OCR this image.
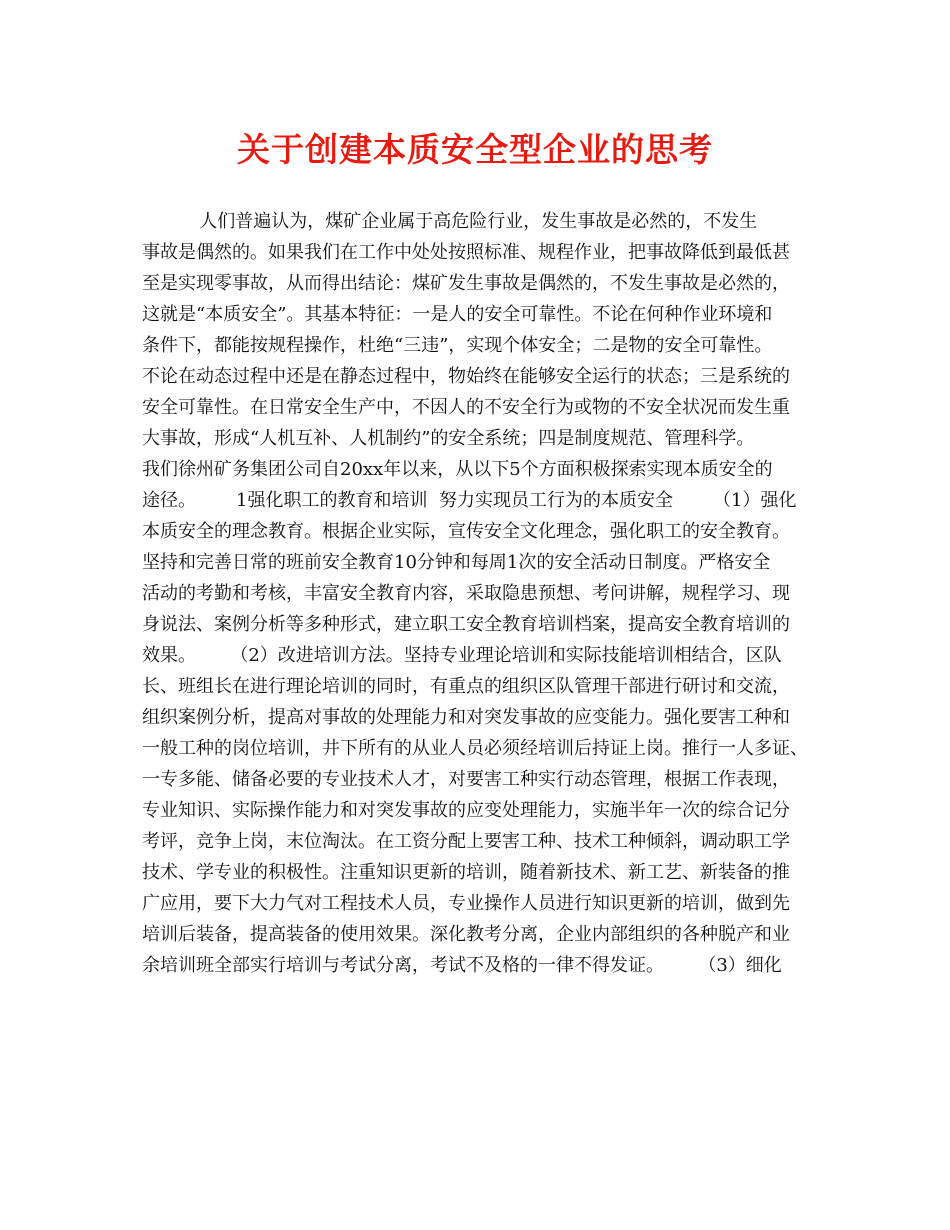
关于创建本质安全型企业的思考
人们普遍认为，煤矿企业属于高危险行业，发生事故是必然的，不发生
事故是偶然的。如果我们在工作中处处按照标准、规程作业，把事故降低到最低甚
至是实现零事故，从而得出结论：煤矿发生事故是偶然的，不发生事故是必然的，
这就是“本质安全”。其基本特征：一是人的安全可靠性。不论在何种作业环境和
条件下，都能按规程操作，杜绝“三违”，实现个体安全；二是物的安全可靠性。
不论在动态过程中还是在静态过程中，物始终在能够安全运行的状态；三是系统的
安全可靠性。在日常安全生产中，不因人的不安全行为或物的不安全状况而发生重
大事故，形成“人机互补、人机制约”的安全系统；四是制度规范、管理科学。
我们徐州矿务集团公司自20xx年以来，从以下5个方面积极探索实现本质安全的
途径。       1强化职工的教育和培训  努力实现员工行为的本质安全       （1）强化
本质安全的理念教育。根据企业实际，宣传安全文化理念，强化职工的安全教育。
坚持和完善日常的班前安全教育10分钟和每周1次的安全活动日制度。严格安全
活动的考勤和考核，丰富安全教育内容，采取隐患预想、考问讲解，规程学习、现
身说法、案例分析等多种形式，建立职工安全教育培训档案，提高安全教育培训的
效果。      （2）改进培训方法。坚持专业理论培训和实际技能培训相结合，区队
长、班组长在进行理论培训的同时，有重点的组织区队管理干部进行研讨和交流，
组织案例分析，提高对事故的处理能力和对突发事故的应变能力。强化要害工种和
一般工种的岗位培训，井下所有的从业人员必须经培训后持证上岗。推行一人多证、
一专多能、储备必要的专业技术人才，对要害工种实行动态管理，根据工作表现，
专业知识、实际操作能力和对突发事故的应变处理能力，实施半年一次的综合记分
考评，竞争上岗，末位淘汰。在工资分配上要害工种、技术工种倾斜，调动职工学
技术、学专业的积极性。注重知识更新的培训，随着新技术、新工艺、新装备的推
广应用，要下大力气对工程技术人员，专业操作人员进行知识更新的培训，做到先
培训后装备，提高装备的使用效果。深化教考分离，企业内部组织的各种脱产和业
余培训班全部实行培训与考试分离，考试不及格的一律不得发证。      （3）细化
